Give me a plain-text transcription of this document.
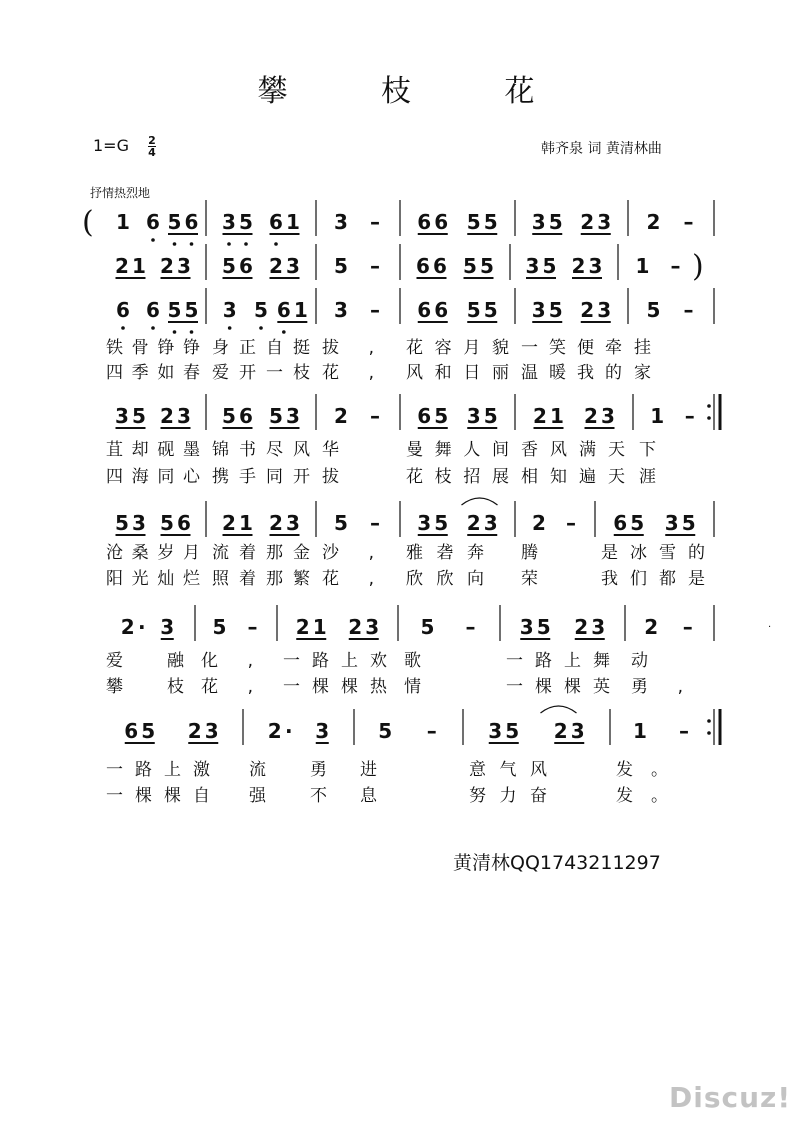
攀 枝 花
$1=G \frac{2}{4}$	韩齐泉 词 黄清林曲
抒情热烈地
·
黄清林QQ1743211297
Discuz!
( 1 6 5 6 3 5 6 1 3 – 6 6 5 5 3 5 2 3 2 –
)
2 1 2 3 5 6 2 3 5 – 6 6 5 5 3 5 2 3 1 –
6 6 5 5 3 5 6 1 3 – 6 6 5 5 3 5 2 3 5 –
铁骨铮铮 身正自挺 拔, 花容月貌 一笑便牵 挂
四季如春 爱开一枝 花, 风和日丽 温暖我的 家
3 5 2 3 5 6 5 3 2 – 6 5 3 5 2 1 2 3 1 –
苴却砚墨 锦书尽风 华	曼舞人间 香风满天 下
四海同心 携手同开 拔	花枝招展 相知遍天 涯
5 3 5 6 2 1 2 3 5 – 3 5 2 3 2 – 6 5 3 5
沧桑岁月 流着那金 沙, 雅砻奔 腾	是冰雪的
阳光灿烂 照着那繁 花, 欣欣向 荣	我们都是
2 · 3 5 – 2 1 2 3 5 – 3 5 2 3 2 –
爱 融 化, 一路上欢 歌	一路上舞 动
攀 枝 花, 一棵棵热 情	一棵棵英 勇,
6 5 2 3 2 · 3 5 –	3 5 2 3 1 –
一路上激 流 勇 进	意气风	发。
一棵棵自 强 不 息	努力奋	发。
